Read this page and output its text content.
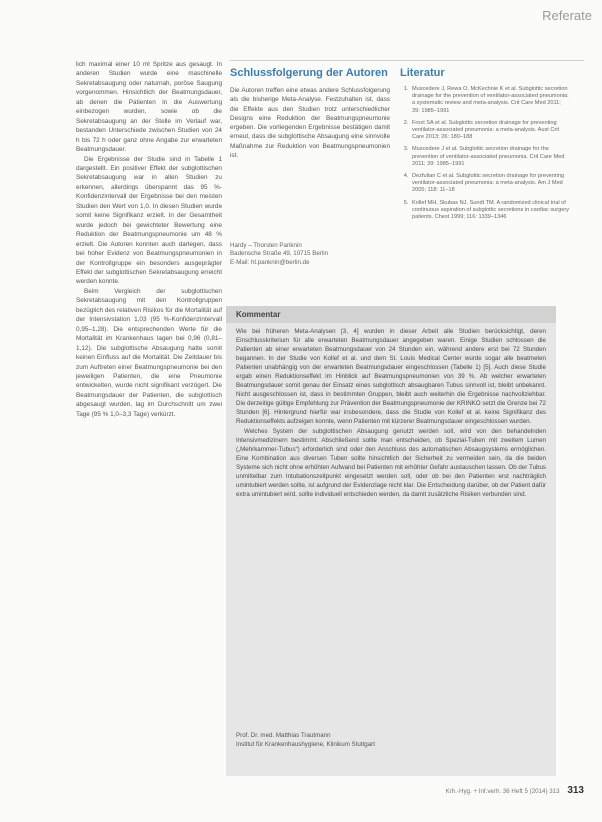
Referate

lich maximal einer 10 ml Spritze aus gesaugt. In anderen Studien wurde eine maschinelle Sekretabsaugung oder naturnah, poröse Saugung vorgenommen. Hinsichtlich der Beatmungsdauer, ab denen die Patienten in die Auswertung einbezogen wurden, sowie ob die Sekretabsaugung an der Stelle im Verlauf war, bestanden Unterschiede zwischen Studien von 24 h bis 72 h oder ganz ohne Angabe zur erwarteten Beatmungsdauer.

Die Ergebnisse der Studie sind in Tabelle 1 dargestellt. Ein positiver Effekt der subglottischen Sekretabsaugung war in allen Studien zu erkennen, allerdings überspannt das 95 %-Konfidenzintervall der Ergebnisse bei den meisten Studien den Wert von 1,0. In diesen Studien wurde somit keine Signifikanz erzielt. In der Gesamtheit wurde jedoch bei gewichteter Bewertung eine Reduktion der Beatmungspneumonie um 48 % erzielt. Die Autoren konnten auch darlegen, dass bei hoher Evidenz von Beatmungspneumonien in der Kontrollgruppe ein besonders ausgeprägter Effekt der subglottischen Sekretabsaugung erreicht werden konnte.

Beim Vergleich der subglottischen Sekretabsaugung mit den Kontrollgruppen bezüglich des relativen Risikos für die Mortalität auf der Intensivstation 1,03 (95 %-Konfidenzintervall 0,95–1,28). Die entsprechenden Werte für die Mortalität im Krankenhaus lagen bei 0,96 (0,81–1,12). Die subglottische Absaugung hatte somit keinen Einfluss auf die Mortalität. Die Zeitdauer bis zum Auftreten einer Beatmungspneumonie bei den jeweiligen Patienten, die eine Pneumonie entwickelten, wurde nicht signifikant verzögert. Die Beatmungsdauer der Patienten, die subglottisch abgesaugt wurden, lag im Durchschnitt um zwei Tage (95 % 1,0–3,3 Tage) verkürzt.

Schlussfolgerung der Autoren
Die Autoren treffen eine etwas andere Schlussfolgerung als die bisherige Meta-Analyse. Festzuhalten ist, dass die Effekte aus den Studien trotz unterschiedlicher Designs eine Reduktion der Beatmungspneumonie ergeben. Die vorliegenden Ergebnisse bestätigen damit erneut, dass die subglottische Absaugung eine sinnvolle Maßnahme zur Reduktion von Beatmungspneumonien ist.
Hardy – Thorsten Panknin
Badensche Straße 49, 10715 Berlin
E-Mail: ht.panknin@berlin.de
Literatur
1. Muscedere J, Rewa O, McKechnie K et al. Subglottic secretion drainage for the prevention of ventilator-associated pneumonia: a systematic review and meta-analysis. Crit Care Med 2011; 39: 1985–1991
2. Frost SA et al. Subglottic secretion drainage for preventing ventilator-associated pneumonia: a meta-analysis. Aust Crit Care 2013; 26: 180–188
3. Muscedere J et al. Subglottic secretion drainage for the prevention of ventilator-associated pneumonia. Crit Care Med 2011; 39: 1985–1991
4. Dezfulian C et al. Subglottic secretion drainage for preventing ventilator-associated pneumonia: a meta-analysis. Am J Med 2005; 118: 11–18
5. Kollef MH, Skubas NJ, Sundt TM. A randomized clinical trial of continuous aspiration of subglottic secretions in cardiac surgery patients. Chest 1999; 116: 1339–1346
Kommentar

Wie bei früheren Meta-Analysen [3, 4] wurden in dieser Arbeit alle Studien berücksichtigt, deren Einschlusskriterium für alle erwarteten Beatmungsdauer angegeben waren. Einige Studien schlossen die Patienten ab einer erwarteten Beatmungsdauer von 24 Stunden ein, während andere erst bei 72 Stunden begannen. In der Studie von Kollef et al. und dem St. Louis Medical Center wurde sogar alle beatmeten Patienten unabhängig von der erwarteten Beatmungsdauer eingeschlossen (Tabelle 1) [5]. Auch diese Studie ergab einen Reduktionseffekt im Hinblick auf Beatmungspneumonien von 39 %. Ab welcher erwarteten Beatmungsdauer somit genau der Einsatz eines subglottisch absaugbaren Tubus sinnvoll ist, bleibt unbekannt. Nicht ausgeschlossen ist, dass in bestimmten Gruppen, bleibt auch weiterhin die Ergebnisse nachvollziehbar. Die derzeitige gültige Empfehlung zur Prävention der Beatmungspneumonie der KRINKO setzt die Grenze bei 72 Stunden [6]. Hintergrund hierfür war insbesondere, dass die Studie von Kollef et al. keine Signifikanz des Reduktionseffekts aufzeigen konnte, wenn Patienten mit kürzerer Beatmungsdauer eingeschlossen wurden.

Welches System der subglottischen Absaugung genutzt werden soll, wird von den behandelnden Intensivmedizinern bestimmt. Abschließend sollte man entscheiden, ob Spezial-Tuben mit zweitem Lumen („Mehrkammer-Tubus“) erforderlich sind oder den Anschluss des automatischen Absaugsystems ermöglichen. Eine Kombination aus diversen Tuben sollte hinsichtlich der Sicherheit zu vermeiden sein, da die beiden Systeme sich nicht ohne erhöhten Aufwand bei Patienten mit erhöhter Gefahr austauschen lassen. Ob der Tubus unmittelbar zum Intubationszeitpunkt eingesetzt werden soll, oder ob bei den Patienten erst nachträglich umintubiert werden sollte, ist aufgrund der Evidenzlage nicht klar. Die Entscheidung darüber, ob der Patient dafür extra umintubiert wird, sollte individuell entschieden werden, da damit zusätzliche Risiken verbunden sind.

Prof. Dr. med. Matthias Trautmann
Institut für Krankenhaushygiene, Klinikum Stuttgart
Krh.-Hyg. + Inf.verh. 36 Heft 5 (2014) 313 313
